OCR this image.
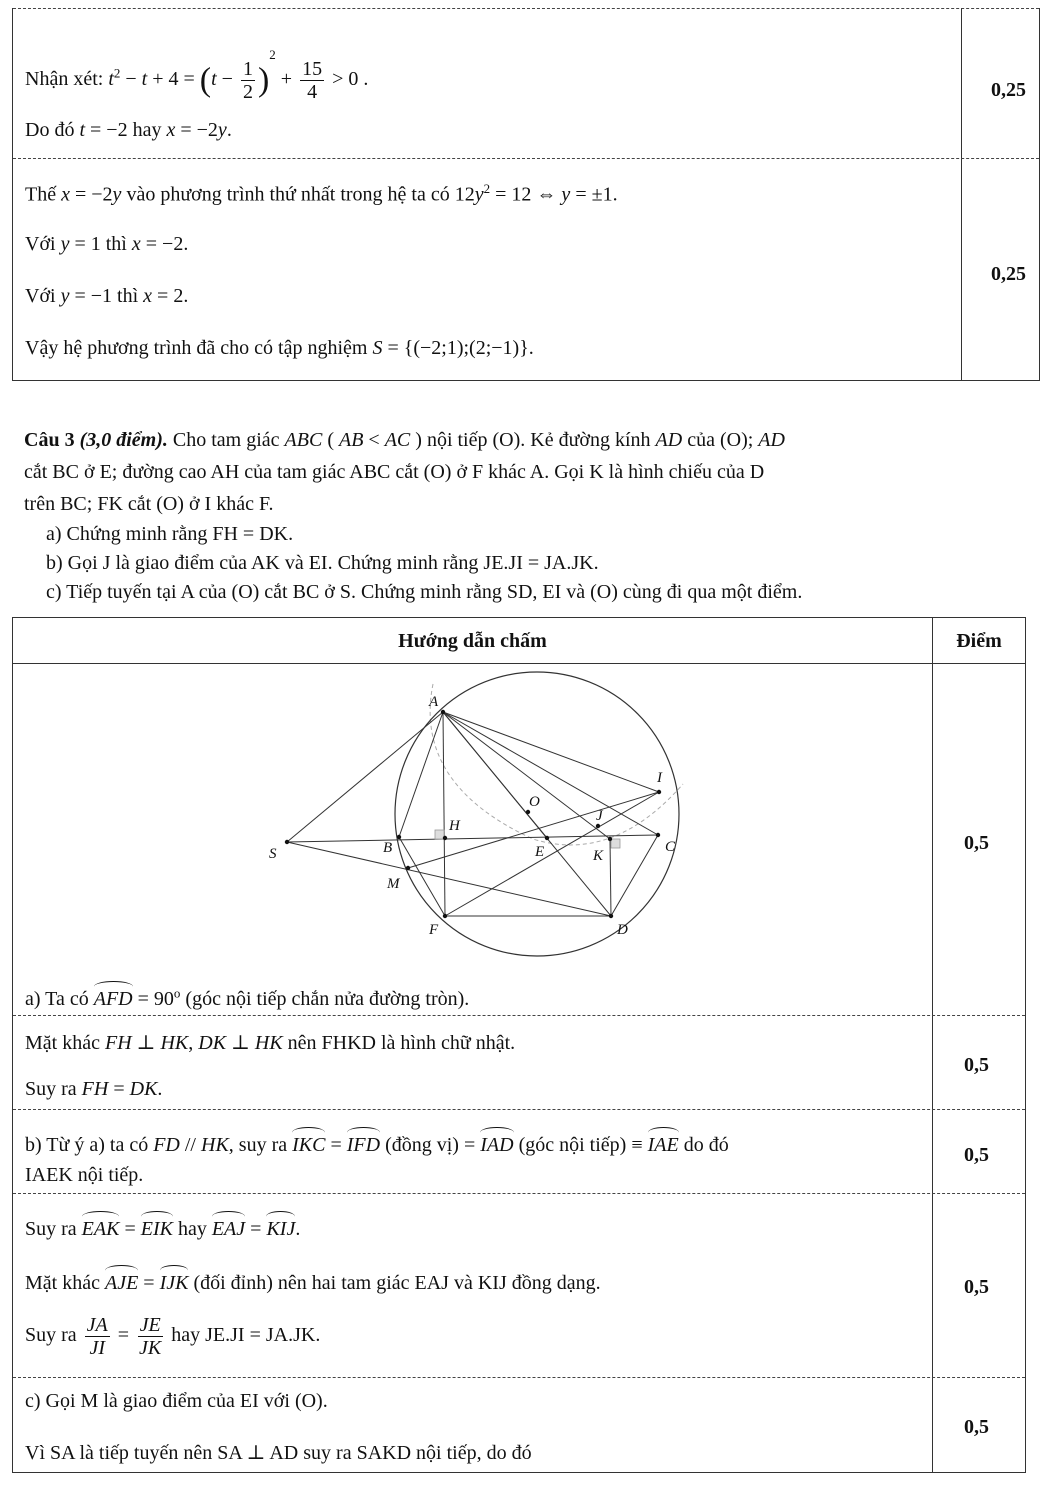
Nhận xét: $t^2 - t + 4 = (t - \frac{1}{2} )^2 + \frac{15}{4} > 0$ .
Do đó t = −2 hay x = −2y.
0,25
Thế x = −2y vào phương trình thứ nhất trong hệ ta có $12y^2 = 12$ ⇔ y = ±1.
Với y = 1 thì x = −2.
Với y = −1 thì x = 2.
Vậy hệ phương trình đã cho có tập nghiệm S = {(−2;1);(2;−1)}.
0,25
Câu 3 (3,0 điểm). Cho tam giác ABC ( AB < AC ) nội tiếp (O). Kẻ đường kính AD của (O); AD
cắt BC ở E; đường cao AH của tam giác ABC cắt (O) ở F khác A. Gọi K là hình chiếu của D
trên BC; FK cắt (O) ở I khác F.
a) Chứng minh rằng FH = DK.
b) Gọi J là giao điểm của AK và EI. Chứng minh rằng JE.JI = JA.JK.
c) Tiếp tuyến tại A của (O) cắt BC ở S. Chứng minh rằng SD, EI và (O) cùng đi qua một điểm.
Hướng dẫn chấm	Điểm
A
O
I
J
H
B	E	K
C
S
M
F	D
a) Ta có AFD = $90^o$ (góc nội tiếp chắn nửa đường tròn).
0,5
Mặt khác FH ⊥ HK, DK ⊥ HK nên FHKD là hình chữ nhật.
Suy ra FH = DK.
0,5
b) Từ ý a) ta có FD // HK, suy ra IKC = IFD (đồng vị) = IAD (góc nội tiếp) ≡ IAE do đó
IAEK nội tiếp.
0,5
Suy ra EAK = EIK hay EAJ = KIJ.
Mặt khác AJE = IJK (đối đỉnh) nên hai tam giác EAJ và KIJ đồng dạng.
Suy ra $\frac{JA}{JI} = \frac{JE}{JK}$ hay JE.JI = JA.JK.
0,5
c) Gọi M là giao điểm của EI với (O).
Vì SA là tiếp tuyến nên SA ⊥ AD suy ra SAKD nội tiếp, do đó
0,5
